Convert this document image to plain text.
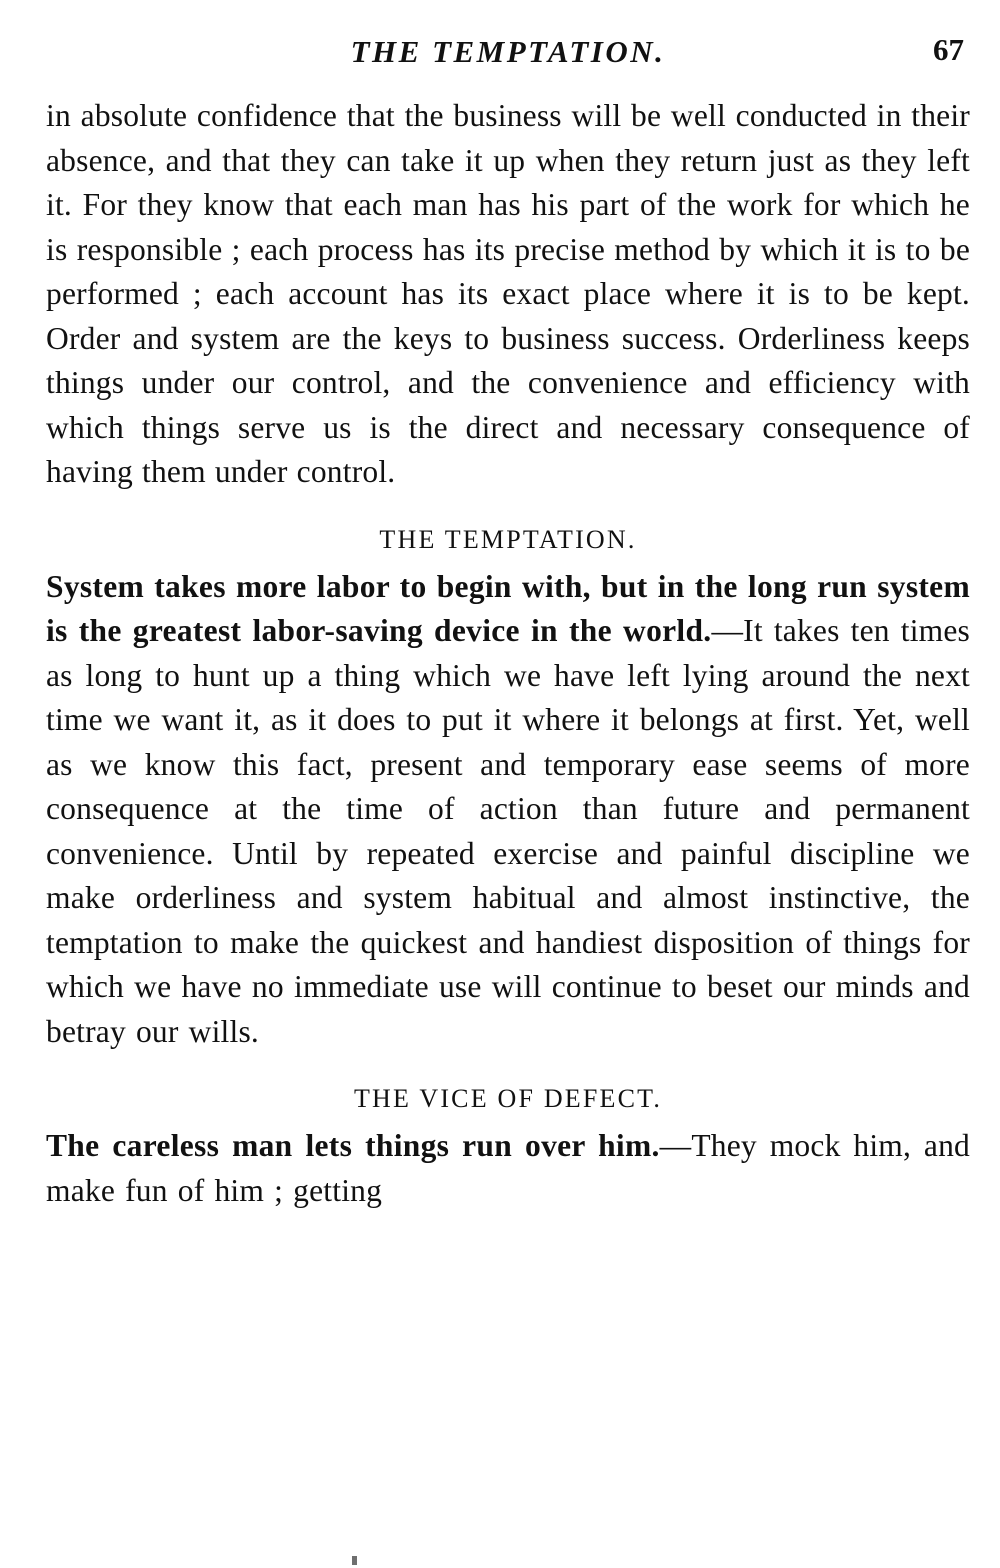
THE TEMPTATION.	67

in absolute confidence that the business will be well conducted in their absence, and that they can take it up when they return just as they left it. For they know that each man has his part of the work for which he is responsible ; each process has its precise method by which it is to be performed ; each account has its exact place where it is to be kept. Order and system are the keys to business success. Orderliness keeps things under our control, and the convenience and efficiency with which things serve us is the direct and necessary consequence of having them under control.

THE TEMPTATION.

System takes more labor to begin with, but in the long run system is the greatest labor-saving device in the world.—It takes ten times as long to hunt up a thing which we have left lying around the next time we want it, as it does to put it where it belongs at first. Yet, well as we know this fact, present and temporary ease seems of more consequence at the time of action than future and permanent convenience. Until by repeated exercise and painful discipline we make orderliness and system habitual and almost instinctive, the temptation to make the quickest and handiest disposition of things for which we have no immediate use will continue to beset our minds and betray our wills.

THE VICE OF DEFECT.

The careless man lets things run over him.—They mock him, and make fun of him ; getting
